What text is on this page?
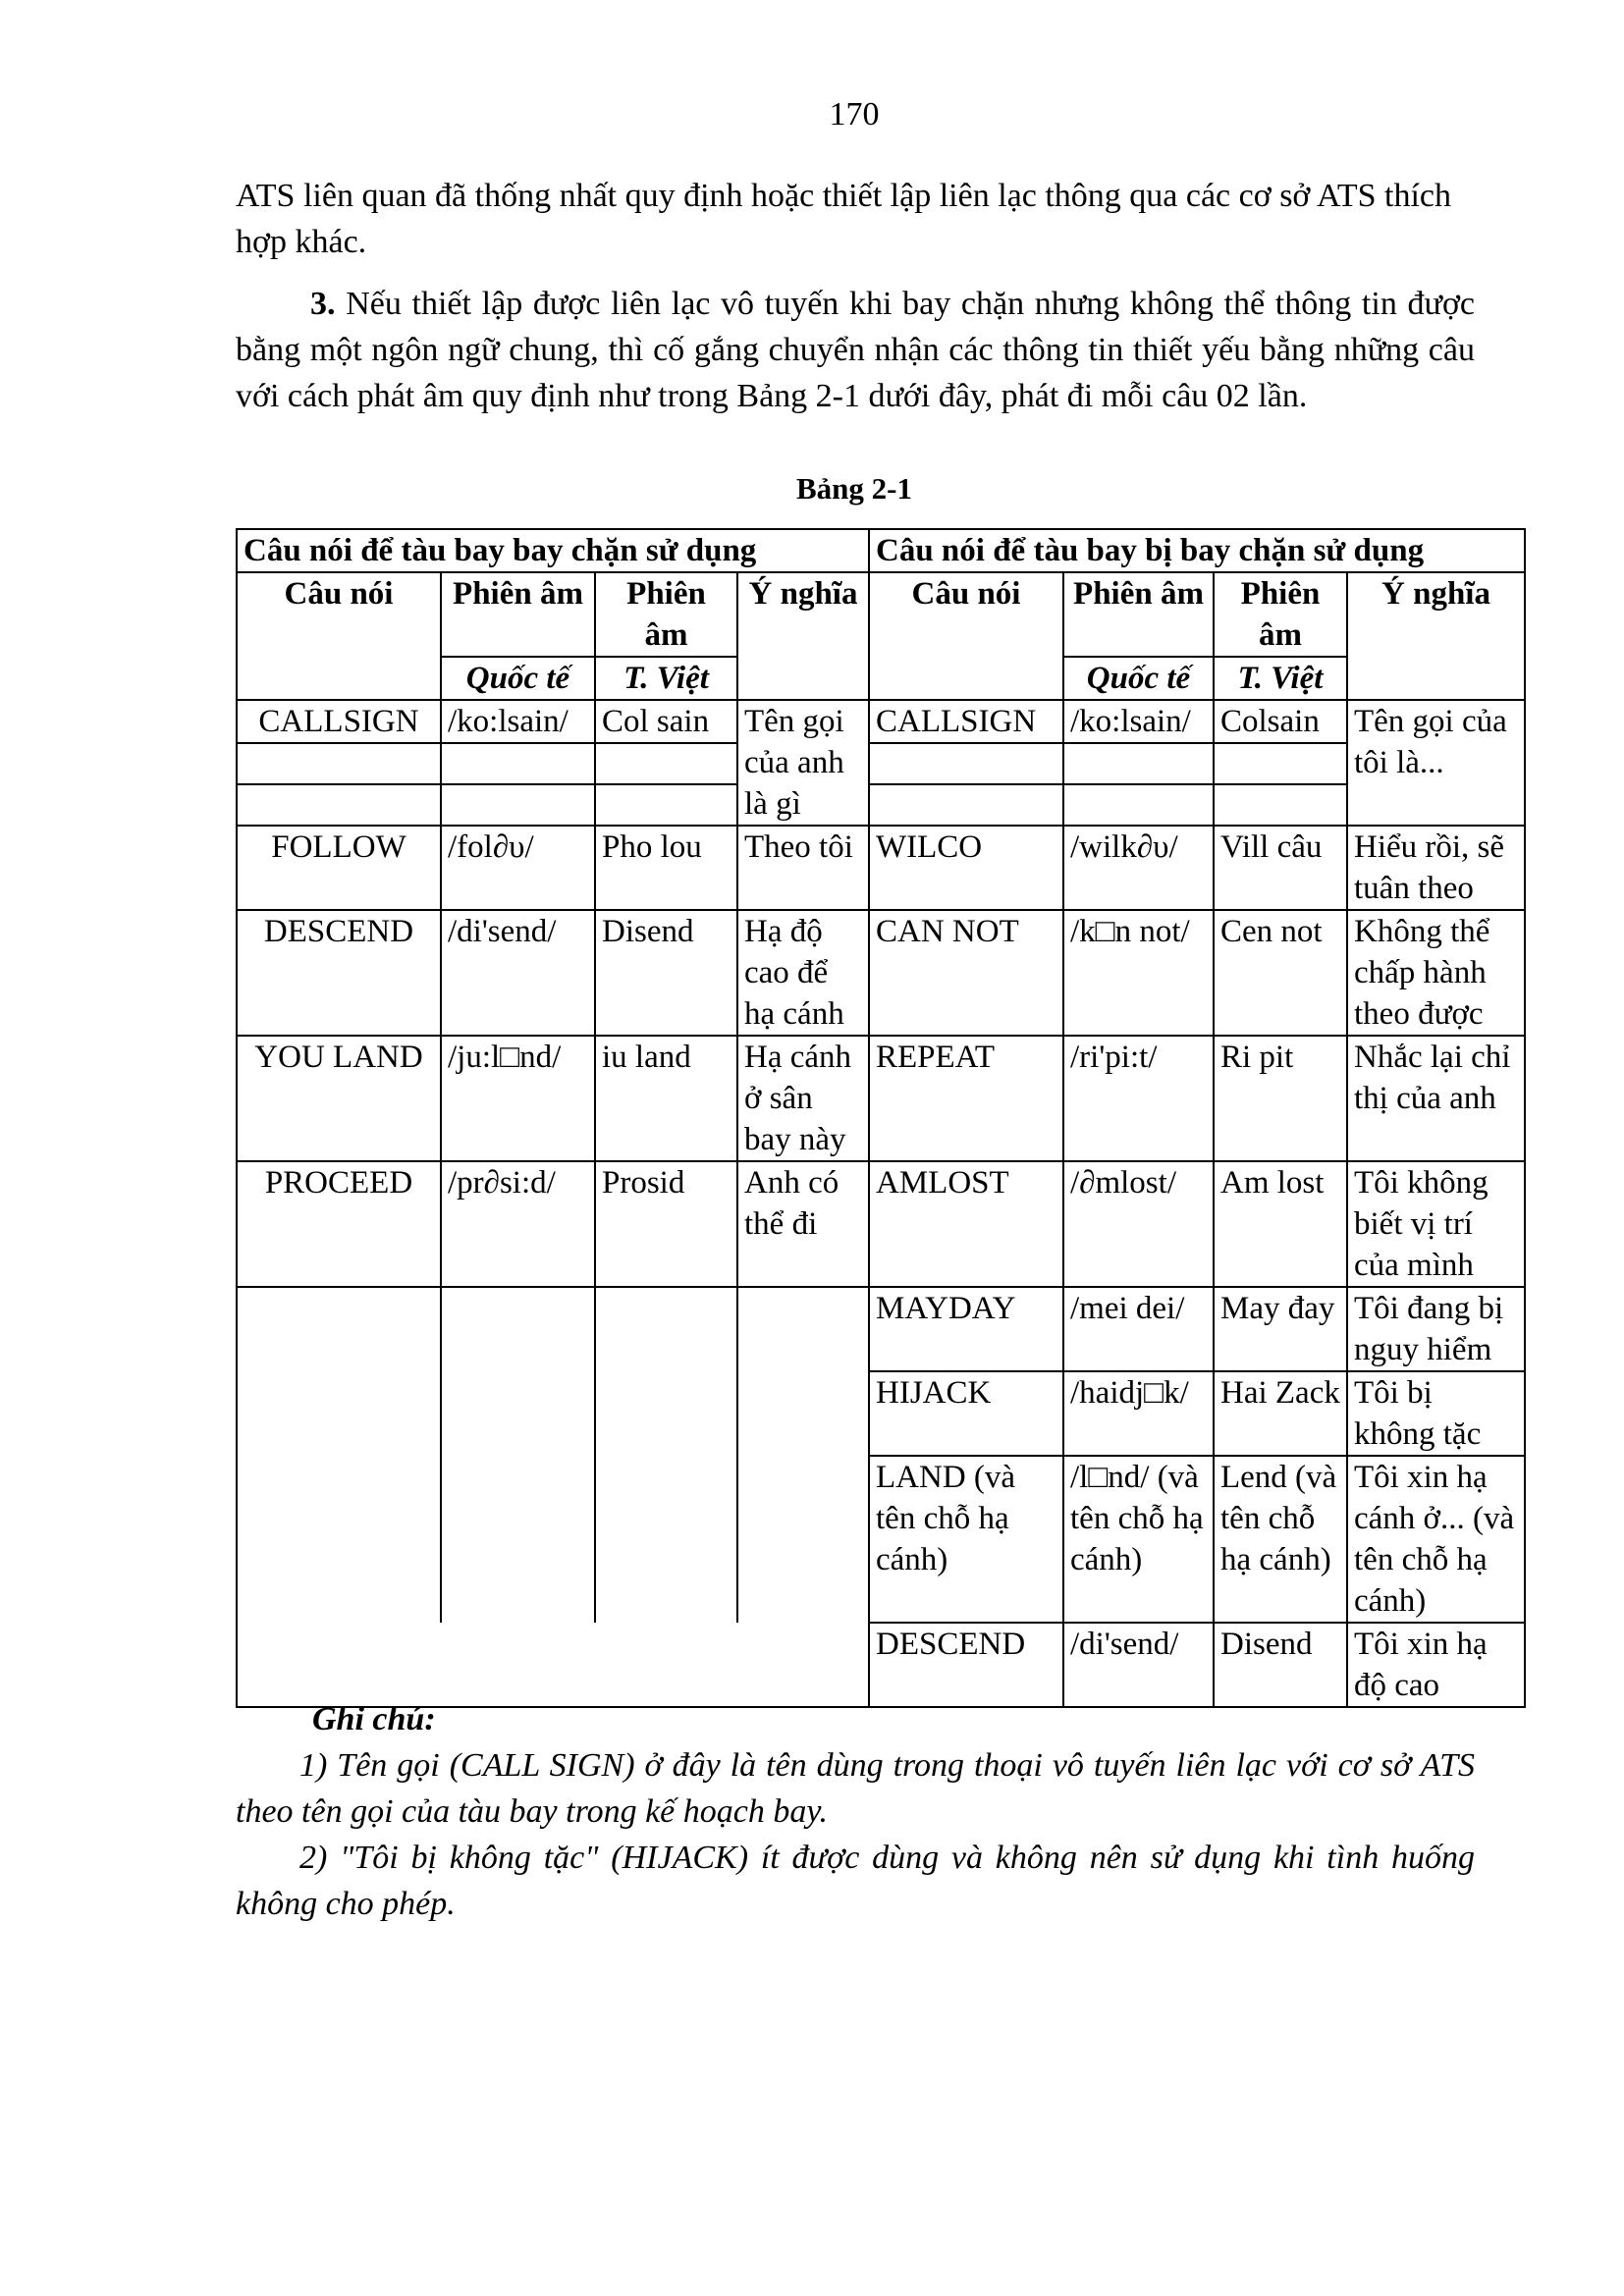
170

ATS liên quan đã thống nhất quy định hoặc thiết lập liên lạc thông qua các cơ sở ATS thích hợp khác.

3. Nếu thiết lập được liên lạc vô tuyến khi bay chặn nhưng không thể thông tin được bằng một ngôn ngữ chung, thì cố gắng chuyển nhận các thông tin thiết yếu bằng những câu với cách phát âm quy định như trong Bảng 2-1 dưới đây, phát đi mỗi câu 02 lần.

Bảng 2-1
Câu nói để tàu bay bay chặn sử dụng				Câu nói để tàu bay bị bay chặn sử dụng			
Câu nói	Phiên âm	Phiên âm	Ý nghĩa	Câu nói	Phiên âm	Phiên âm	Ý nghĩa
	Quốc tế	T. Việt			Quốc tế	T. Việt	
CALLSIGN	/ko:lsain/	Col sain	Tên gọi của anh là gì	CALLSIGN	/ko:lsain/	Colsain	Tên gọi của tôi là...

FOLLOW	/fol∂υ/	Pho lou	Theo tôi	WILCO	/wilk∂υ/	Vill câu	Hiểu rồi, sẽ tuân theo
DESCEND	/di'send/	Disend	Hạ độ cao để hạ cánh	CAN NOT	/k□n not/	Cen not	Không thể chấp hành theo được
YOU LAND	/ju:l□nd/	iu land	Hạ cánh ở sân bay này	REPEAT	/ri'pi:t/	Ri pit	Nhắc lại chỉ thị của anh
PROCEED	/pr∂si:d/	Prosid	Anh có thể đi	AMLOST	/∂mlost/	Am lost	Tôi không biết vị trí của mình
				MAYDAY	/mei dei/	May đay	Tôi đang bị nguy hiểm
				HIJACK	/haidj□k/	Hai Zack	Tôi bị không tặc
				LAND (và tên chỗ hạ cánh)	/l□nd/ (và tên chỗ hạ cánh)	Lend (và tên chỗ hạ cánh)	Tôi xin hạ cánh ở... (và tên chỗ hạ cánh)
				DESCEND	/di'send/	Disend	Tôi xin hạ độ cao
Ghi chú:

1) Tên gọi (CALL SIGN) ở đây là tên dùng trong thoại vô tuyến liên lạc với cơ sở ATS theo tên gọi của tàu bay trong kế hoạch bay.

2) "Tôi bị không tặc" (HIJACK) ít được dùng và không nên sử dụng khi tình huống không cho phép.
